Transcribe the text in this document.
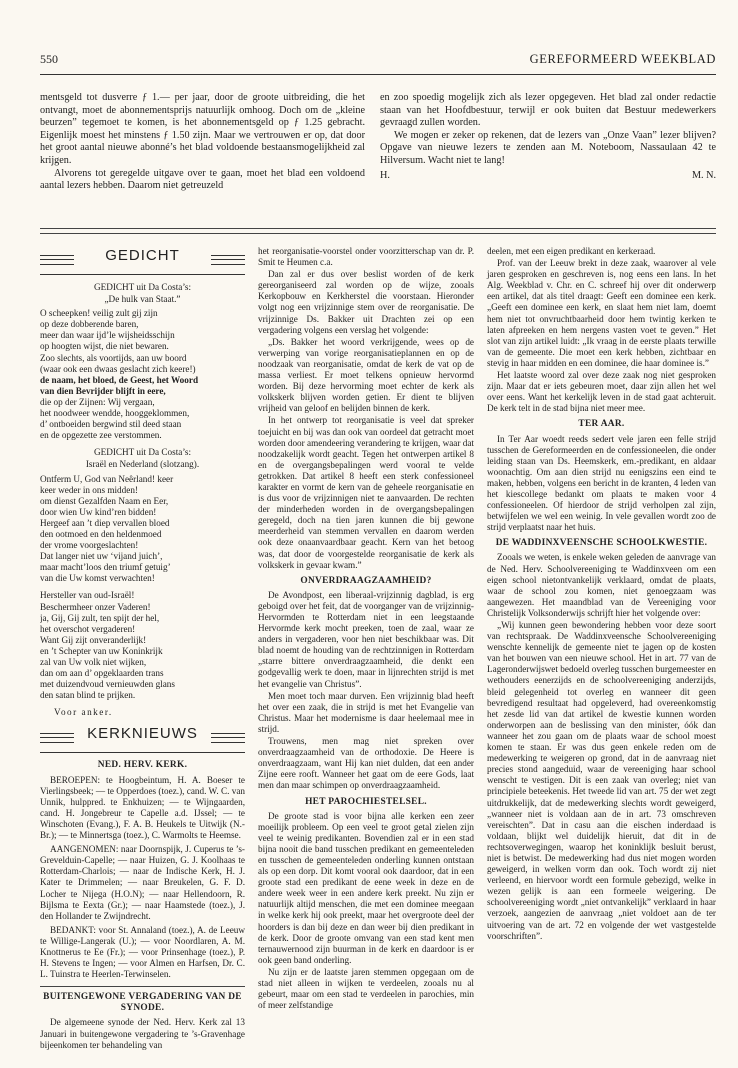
550	GEREFORMEERD WEEKBLAD

mentsgeld tot dusverre ƒ 1.— per jaar, door de groote uitbreiding, die het ontvangt, moet de abonnementsprijs natuurlijk omhoog. Doch om de „kleine beurzen” tegemoet te komen, is het abonnementsgeld op ƒ 1.25 gebracht. Eigenlijk moest het minstens ƒ 1.50 zijn. Maar we vertrouwen er op, dat door het groot aantal nieuwe abonné’s het blad voldoende bestaansmogelijkheid zal krijgen.

Alvorens tot geregelde uitgave over te gaan, moet het blad een voldoend aantal lezers hebben. Daarom niet getreuzeld

en zoo spoedig mogelijk zich als lezer opgegeven. Het blad zal onder redactie staan van het Hoofdbestuur, terwijl er ook buiten dat Bestuur medewerkers gevraagd zullen worden.

We mogen er zeker op rekenen, dat de lezers van „Onze Vaan” lezer blijven? Opgave van nieuwe lezers te zenden aan M. Noteboom, Nassaulaan 42 te Hilversum. Wacht niet te lang!

H.	M. N.
GEDICHT
GEDICHT uit Da Costa’s:
„De hulk van Staat.”
O scheepken! veilig zult gij zijn
op deze dobberende baren,
meer dan waar ijd’le wijsheidsschijn
op hoogten wijst, die niet bewaren.
Zoo slechts, als voortijds, aan uw boord
(waar ook een dwaas geslacht zich keere!)
de naam, het bloed, de Geest, het Woord
van dien Bevrijder blijft in eere,
die op der Zijnen: Wij vergaan,
het noodweer wendde, hooggeklommen,
d’ ontboeiden bergwind stil deed staan
en de opgezette zee verstommen.
GEDICHT uit Da Costa’s:
Israël en Nederland (slotzang).
Ontferm U, God van Neêrland! keer
keer weder in ons midden!
om dienst Gezalfden Naam en Eer,
door wien Uw kind’ren bidden!
Hergeef aan ’t diep vervallen bloed
den ootmoed en den heldenmoed
der vrome voorgeslachten!
Dat langer niet uw ‘vijand juich’,
maar macht’loos den triumf getuig’
van die Uw komst verwachten!
Hersteller van oud-Israël!
Beschermheer onzer Vaderen!
ja, Gij, Gij zult, ten spijt der hel,
het overschot vergaderen!
Want Gij zijt onveranderlijk!
en ’t Schepter van uw Koninkrijk
zal van Uw volk niet wijken,
dan om aan d’ opgeklaarden trans
met duizendvoud vernieuwden glans
den satan blind te prijken.
Voor anker.
KERKNIEUWS
NED. HERV. KERK.

BEROEPEN: te Hoogbeintum, H. A. Boeser te Vierlingsbeek; — te Opperdoes (toez.), cand. W. C. van Unnik, hulppred. te Enkhuizen; — te Wijngaarden, cand. H. Jongebreur te Capelle a.d. IJssel; — te Winschoten (Evang.), F. A. B. Heukels te Uitwijk (N.-Br.); — te Minnertsga (toez.), C. Warmolts te Heemse.

AANGENOMEN: naar Doornspijk, J. Cuperus te ’s-Grevelduin-Capelle; — naar Huizen, G. J. Koolhaas te Rotterdam-Charlois; — naar de Indische Kerk, H. J. Kater te Drimmelen; — naar Breukelen, G. F. D. Locher te Nijega (H.O.N); — naar Hellendoorn, R. Bijlsma te Eexta (Gr.); — naar Haamstede (toez.), J. den Hollander te Zwijndrecht.

BEDANKT: voor St. Annaland (toez.), A. de Leeuw te Willige-Langerak (U.); — voor Noordlaren, A. M. Knottnerus te Ee (Fr.); — voor Prinsenhage (toez.), P. H. Stevens te Ingen; — voor Almen en Harfsen, Dr. C. L. Tuinstra te Heerlen-Terwinselen.

BUITENGEWONE VERGADERING VAN DE SYNODE.

De algemeene synode der Ned. Herv. Kerk zal 13 Januari in buitengewone vergadering te ’s-Gravenhage bijeenkomen ter behandeling van

het reorganisatie-voorstel onder voorzitterschap van dr. P. Smit te Heumen c.a.

Dan zal er dus over beslist worden of de kerk gereorganiseerd zal worden op de wijze, zooals Kerkopbouw en Kerkherstel die voorstaan. Hieronder volgt nog een vrijzinnige stem over de reorganisatie. De vrijzinnige Ds. Bakker uit Drachten zei op een vergadering volgens een verslag het volgende:

„Ds. Bakker het woord verkrijgende, wees op de verwerping van vorige reorganisatieplannen en op de noodzaak van reorganisatie, omdat de kerk de vat op de massa verliest. Er moet telkens opnieuw hervormd worden. Bij deze hervorming moet echter de kerk als volkskerk blijven worden getien. Er dient te blijven vrijheid van geloof en belijden binnen de kerk.

In het ontwerp tot reorganisatie is veel dat spreker toejuicht en bij was dan ook van oordeel dat getracht moet worden door amendeering verandering te krijgen, waar dat noodzakelijk wordt geacht. Tegen het ontwerpen artikel 8 en de overgangsbepalingen werd vooral te velde getrokken. Dat artikel 8 heeft een sterk confessioneel karakter en vormt de kern van de geheele reorganisatie en is dus voor de vrijzinnigen niet te aanvaarden. De rechten der minderheden worden in de overgangsbepalingen geregeld, doch na tien jaren kunnen die bij gewone meerderheid van stemmen vervallen en daarom werden ook deze onaanvaardbaar geacht. Kern van het betoog was, dat door de voorgestelde reorganisatie de kerk als volkskerk in gevaar kwam.”

ONVERDRAAGZAAMHEID?

De Avondpost, een liberaal-vrijzinnig dagblad, is erg geboigd over het feit, dat de voorganger van de vrijzinnig-Hervormden te Rotterdam niet in een leegstaande Hervormde kerk mocht preeken, toen de zaal, waar ze anders in vergaderen, voor hen niet beschikbaar was. Dit blad noemt de houding van de rechtzinnigen in Rotterdam „starre bittere onverdraagzaamheid, die denkt een godgevallig werk te doen, maar in lijnrechten strijd is met het evangelie van Christus”.

Men moet toch maar durven. Een vrijzinnig blad heeft het over een zaak, die in strijd is met het Evangelie van Christus. Maar het modernisme is daar heelemaal mee in strijd.

Trouwens, men mag niet spreken over onverdraagzaamheid van de orthodoxie. De Heere is onverdraagzaam, want Hij kan niet dulden, dat een ander Zijne eere rooft. Wanneer het gaat om de eere Gods, laat men dan maar schimpen op onverdraagzaamheid.

HET PAROCHIESTELSEL.

De groote stad is voor bijna alle kerken een zeer moeilijk probleem. Op een veel te groot getal zielen zijn veel te weinig predikanten. Bovendien zal er in een stad bijna nooit die band tusschen predikant en gemeenteleden en tusschen de gemeenteleden onderling kunnen ontstaan als op een dorp. Dit komt vooral ook daardoor, dat in een groote stad een predikant de eene week in deze en de andere week weer in een andere kerk preekt. Nu zijn er natuurlijk altijd menschen, die met een dominee meegaan in welke kerk hij ook preekt, maar het overgroote deel der hoorders is dan bij deze en dan weer bij dien predikant in de kerk. Door de groote omvang van een stad kent men ternauwernood zijn buurman in de kerk en daardoor is er ook geen band onderling.

Nu zijn er de laatste jaren stemmen opgegaan om de stad niet alleen in wijken te verdeelen, zooals nu al gebeurt, maar om een stad te verdeelen in parochies, min of meer zelfstandige

deelen, met een eigen predikant en kerkeraad.

Prof. van der Leeuw brekt in deze zaak, waarover al vele jaren gesproken en geschreven is, nog eens een lans. In het Alg. Weekblad v. Chr. en C. schreef hij over dit onderwerp een artikel, dat als titel draagt: Geeft een dominee een kerk. „Geeft een dominee een kerk, en slaat hem niet lam, doemt hem niet tot onvruchtbaarheid door hem twintig kerken te laten afpreeken en hem nergens vasten voet te geven.” Het slot van zijn artikel luidt: „Ik vraag in de eerste plaats terwille van de gemeente. Die moet een kerk hebben, zichtbaar en stevig in haar midden en een dominee, die haar dominee is.”

Het laatste woord zal over deze zaak nog niet gesproken zijn. Maar dat er iets gebeuren moet, daar zijn allen het wel over eens. Want het kerkelijk leven in de stad gaat achteruit. De kerk telt in de stad bijna niet meer mee.

TER AAR.

In Ter Aar woedt reeds sedert vele jaren een felle strijd tusschen de Gereformeerden en de confessioneelen, die onder leiding staan van Ds. Heemskerk, em.-predikant, en aldaar woonachtig. Om aan dien strijd nu eenigszins een eind te maken, hebben, volgens een bericht in de kranten, 4 leden van het kiescollege bedankt om plaats te maken voor 4 confessioneelen. Of hierdoor de strijd verholpen zal zijn, betwijfelen we wel een weinig. In vele gevallen wordt zoo de strijd verplaatst naar het huis.

DE WADDINXVEENSCHE SCHOOLKWESTIE.

Zooals we weten, is enkele weken geleden de aanvrage van de Ned. Herv. Schoolvereeniging te Waddinxveen om een eigen school nietontvankelijk verklaard, omdat de plaats, waar de school zou komen, niet genoegzaam was aangewezen. Het maandblad van de Vereeniging voor Christelijk Volksonderwijs schrijft hier het volgende over:

„Wij kunnen geen bewondering hebben voor deze soort van rechtspraak. De Waddinxveensche Schoolvereeniging wenschte kennelijk de gemeente niet te jagen op de kosten van het bouwen van een nieuwe school. Het in art. 77 van de Lageronderwijswet bedoeld overleg tusschen burgemeester en wethouders eenerzijds en de schoolvereeniging anderzijds, bleid gelegenheid tot overleg en wanneer dit geen bevredigend resultaat had opgeleverd, had overeenkomstig het zesde lid van dat artikel de kwestie kunnen worden onderworpen aan de beslissing van den minister, óók dan wanneer het zou gaan om de plaats waar de school moest komen te staan. Er was dus geen enkele reden om de medewerking te weigeren op grond, dat in de aanvraag niet precies stond aangeduid, waar de vereeniging haar school wenscht te vestigen. Dit is een zaak van overleg; niet van principiele beteekenis. Het tweede lid van art. 75 der wet zegt uitdrukkelijk, dat de medewerking slechts wordt geweigerd, „wanneer niet is voldaan aan de in art. 73 omschreven vereischten”. Dat in casu aan die eischen inderdaad is voldaan, blijkt wel duidelijk hieruit, dat dit in de rechtsoverwegingen, waarop het koninklijk besluit berust, niet is betwist. De medewerking had dus niet mogen worden geweigerd, in welken vorm dan ook. Toch wordt zij niet verleend, en hiervoor wordt een formule gebezigd, welke in wezen gelijk is aan een formeele weigering. De schoolvereeniging wordt „niet ontvankelijk” verklaard in haar verzoek, aangezien de aanvraag „niet voldoet aan de ter uitvoering van de art. 72 en volgende der wet vastgestelde voorschriften”.
